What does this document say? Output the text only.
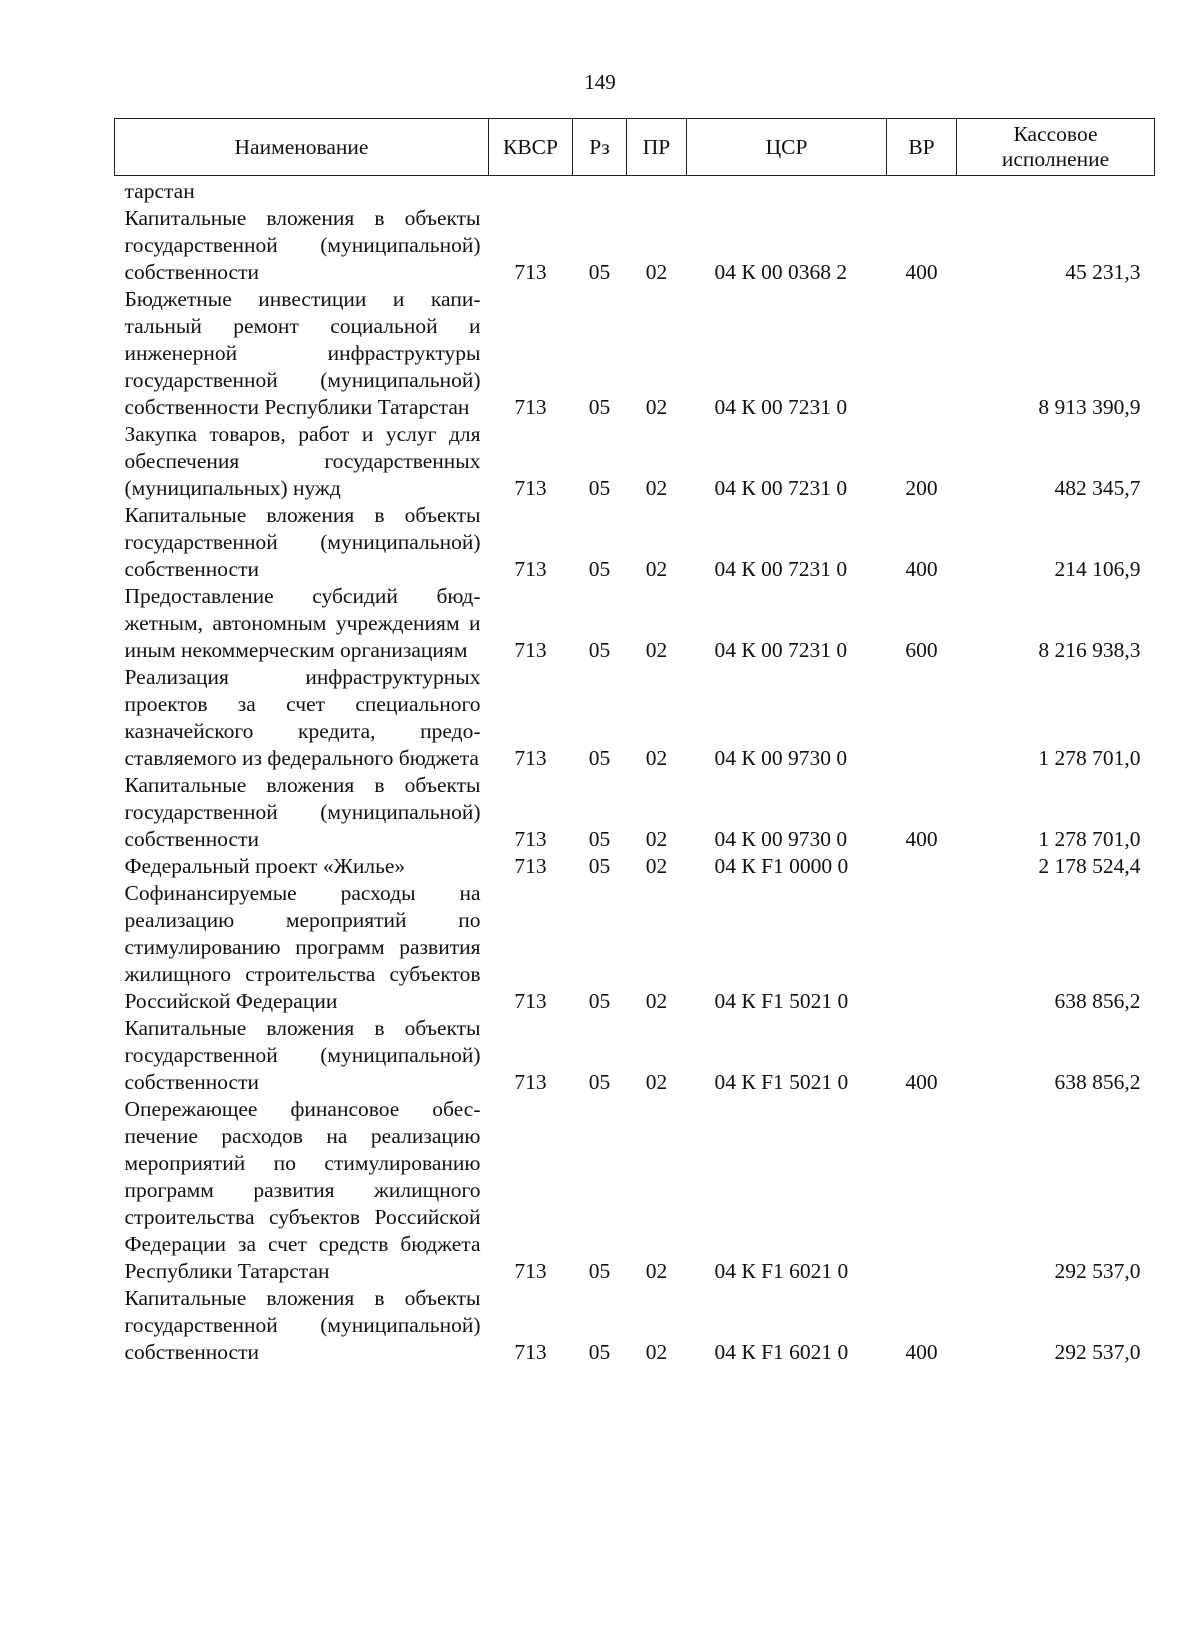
149
Наименование	КВСР	Рз	ПР	ЦСР	ВР	Кассовое исполнение
тарстан						
Капитальные вложения в объекты государственной (муниципальной) собственности	713	05	02	04 К 00 0368 2	400	45 231,3
Бюджетные инвестиции и капитальный ремонт социальной и инженерной инфраструктуры государственной (муниципальной) собственности Республики Татарстан	713	05	02	04 К 00 7231 0		8 913 390,9
Закупка товаров, работ и услуг для обеспечения государственных (муниципальных) нужд	713	05	02	04 К 00 7231 0	200	482 345,7
Капитальные вложения в объекты государственной (муниципальной) собственности	713	05	02	04 К 00 7231 0	400	214 106,9
Предоставление субсидий бюджетным, автономным учреждениям и иным некоммерческим организациям	713	05	02	04 К 00 7231 0	600	8 216 938,3
Реализация инфраструктурных проектов за счет специального казначейского кредита, предоставляемого из федерального бюджета	713	05	02	04 К 00 9730 0		1 278 701,0
Капитальные вложения в объекты государственной (муниципальной) собственности	713	05	02	04 К 00 9730 0	400	1 278 701,0
Федеральный проект «Жилье»	713	05	02	04 К F1 0000 0		2 178 524,4
Софинансируемые расходы на реализацию мероприятий по стимулированию программ развития жилищного строительства субъектов Российской Федерации	713	05	02	04 К F1 5021 0		638 856,2
Капитальные вложения в объекты государственной (муниципальной) собственности	713	05	02	04 К F1 5021 0	400	638 856,2
Опережающее финансовое обеспечение расходов на реализацию мероприятий по стимулированию программ развития жилищного строительства субъектов Российской Федерации за счет средств бюджета Республики Татарстан	713	05	02	04 К F1 6021 0		292 537,0
Капитальные вложения в объекты государственной (муниципальной) собственности	713	05	02	04 К F1 6021 0	400	292 537,0
